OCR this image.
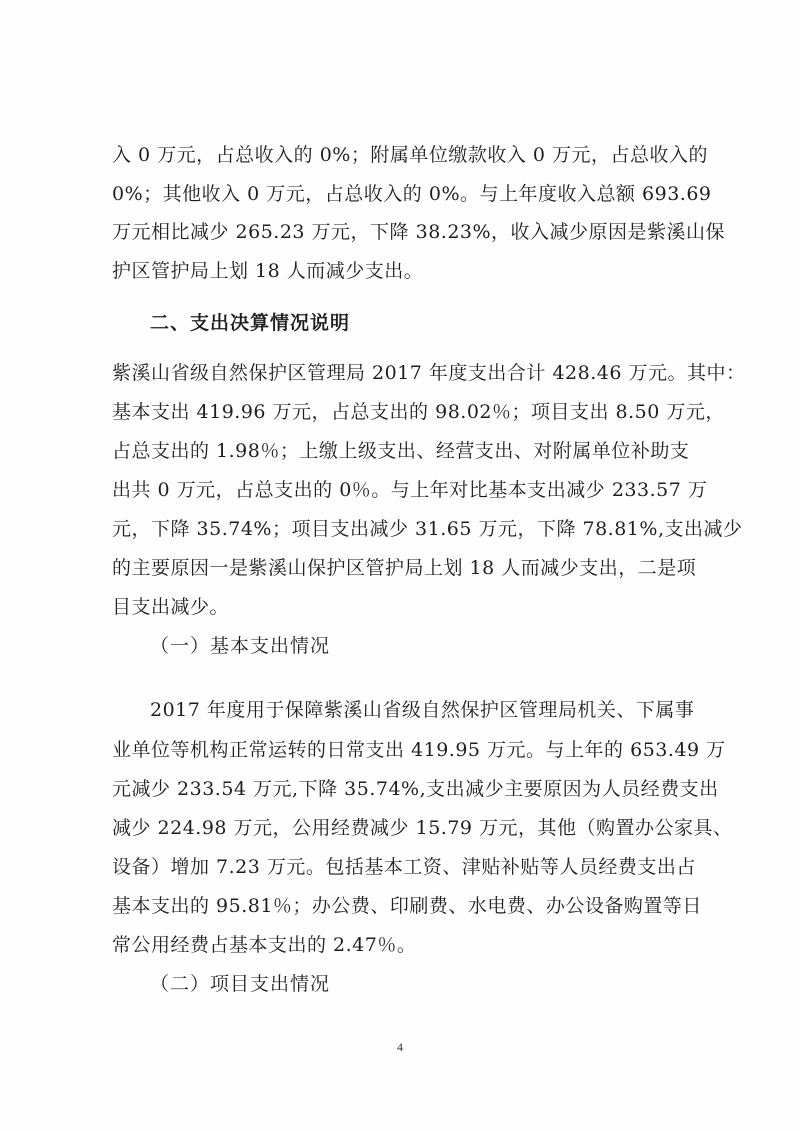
入 0 万元，占总收入的 0%；附属单位缴款收入 0 万元，占总收入的
0%；其他收入 0 万元，占总收入的 0%。与上年度收入总额 693.69
万元相比减少 265.23 万元，下降 38.23%，收入减少原因是紫溪山保
护区管护局上划 18 人而减少支出。
二、支出决算情况说明
紫溪山省级自然保护区管理局 2017 年度支出合计 428.46 万元。其中：
基本支出 419.96 万元，占总支出的 98.02％；项目支出 8.50 万元，
占总支出的 1.98％；上缴上级支出、经营支出、对附属单位补助支
出共 0 万元，占总支出的 0％。与上年对比基本支出减少 233.57 万
元，下降 35.74%；项目支出减少 31.65 万元，下降 78.81%,支出减少
的主要原因一是紫溪山保护区管护局上划 18 人而减少支出，二是项
目支出减少。
（一）基本支出情况
2017 年度用于保障紫溪山省级自然保护区管理局机关、下属事
业单位等机构正常运转的日常支出 419.95 万元。与上年的 653.49 万
元减少 233.54 万元,下降 35.74%,支出减少主要原因为人员经费支出
减少 224.98 万元，公用经费减少 15.79 万元，其他（购置办公家具、
设备）增加 7.23 万元。包括基本工资、津贴补贴等人员经费支出占
基本支出的 95.81％；办公费、印刷费、水电费、办公设备购置等日
常公用经费占基本支出的 2.47％。
（二）项目支出情况
4
